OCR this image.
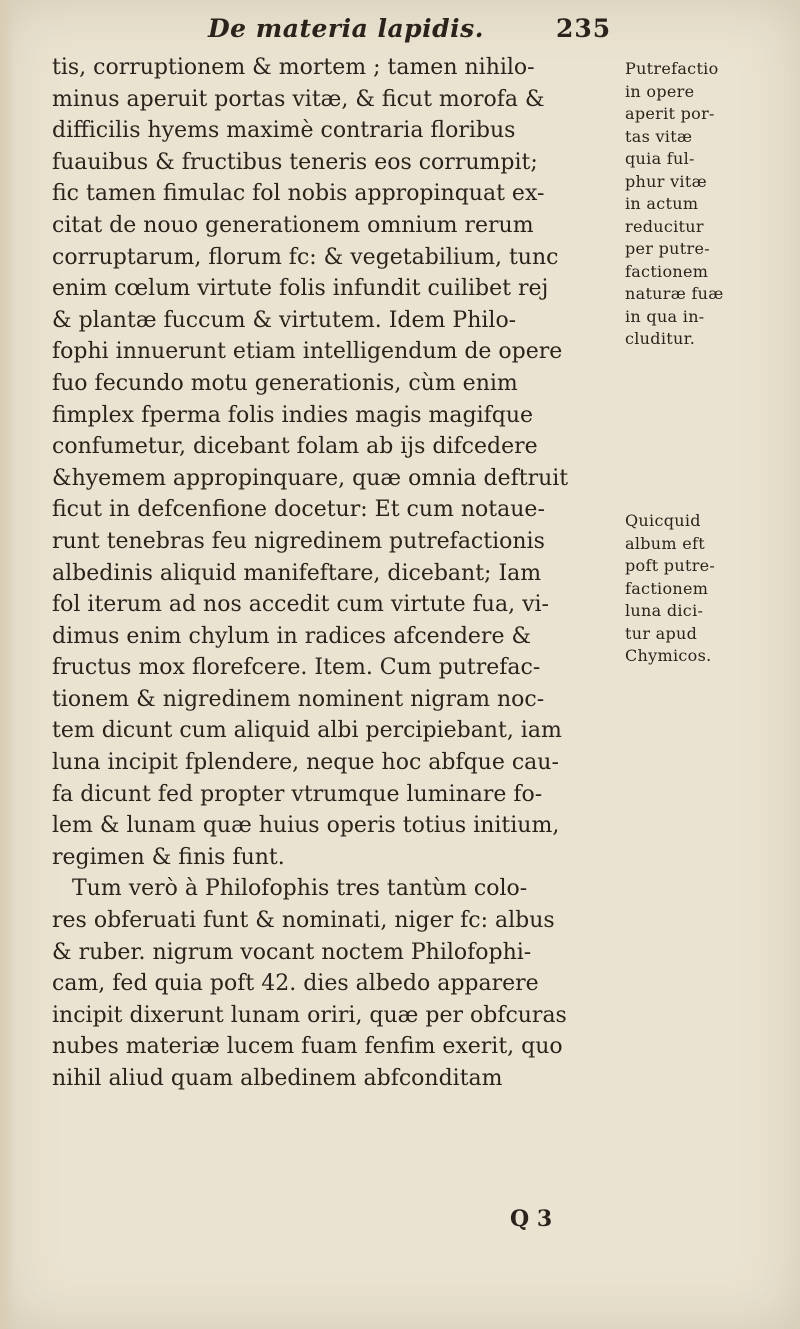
De materia lapidis.	235
tis, corruptionem & mortem ; tamen nihilo-
minus aperuit portas vitæ, & ficut morofa &
difficilis hyems maximè contraria floribus
fuauibus & fructibus teneris eos corrumpit;
fic tamen fimulac fol nobis appropinquat ex-
citat de nouo generationem omnium rerum
corruptarum, florum fc: & vegetabilium, tunc
enim cœlum virtute folis infundit cuilibet rej
& plantæ fuccum & virtutem. Idem Philo-
fophi innuerunt etiam intelligendum de opere
fuo fecundo motu generationis, cùm enim
fimplex fperma folis indies magis magifque
confumetur, dicebant folam ab ijs difcedere
&hyemem appropinquare, quæ omnia deftruit
ficut in defcenfione docetur: Et cum notaue-
runt tenebras feu nigredinem putrefactionis
albedinis aliquid manifeftare, dicebant; Iam
fol iterum ad nos accedit cum virtute fua, vi-
dimus enim chylum in radices afcendere &
fructus mox florefcere. Item. Cum putrefac-
tionem & nigredinem nominent nigram noc-
tem dicunt cum aliquid albi percipiebant, iam
luna incipit fplendere, neque hoc abfque cau-
fa dicunt fed propter vtrumque luminare fo-
lem & lunam quæ huius operis totius initium,
regimen & finis funt.
Tum verò à Philofophis tres tantùm colo-
res obferuati funt & nominati, niger fc: albus
& ruber. nigrum vocant noctem Philofophi-
cam, fed quia poft 42. dies albedo apparere
incipit dixerunt lunam oriri, quæ per obfcuras
nubes materiæ lucem fuam fenfim exerit, quo
nihil aliud quam albedinem abfconditam
Putrefactio
in opere
aperit por-
tas vitæ
quia ful-
phur vitæ
in actum
reducitur
per putre-
factionem
naturæ fuæ
in qua in-
cluditur.
Quicquid
album eft
poft putre-
factionem
luna dici-
tur apud
Chymicos.
Q 3
